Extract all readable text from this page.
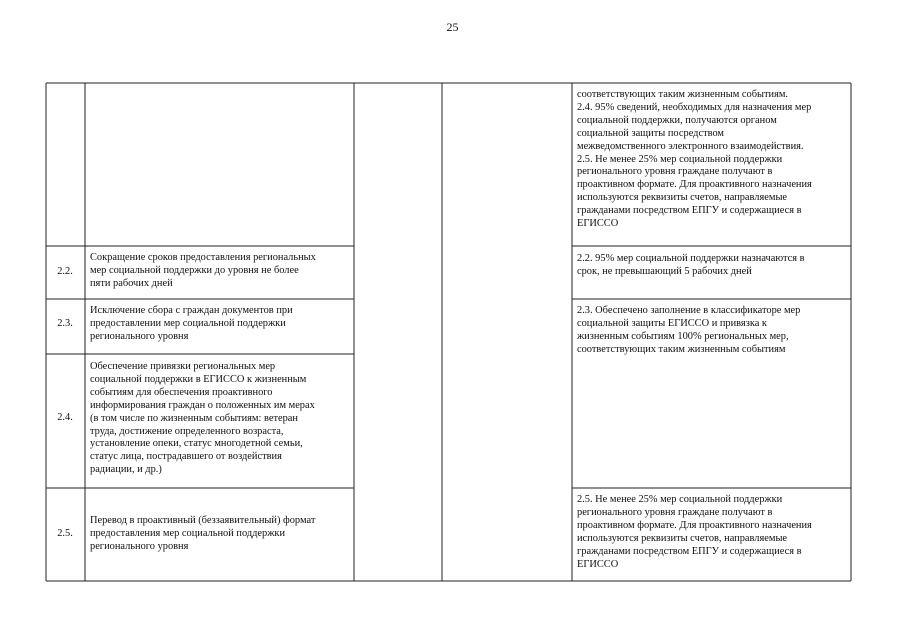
25
соответствующих таким жизненным событиям.
2.4. 95% сведений, необходимых для назначения мер
социальной поддержки, получаются органом
социальной защиты посредством
межведомственного электронного взаимодействия.
2.5. Не менее 25% мер социальной поддержки
регионального уровня граждане получают в
проактивном формате. Для проактивного назначения
используются реквизиты счетов, направляемые
гражданами посредством ЕПГУ и содержащиеся в
ЕГИССО
2.2.
Сокращение сроков предоставления региональных
мер социальной поддержки до уровня не более
пяти рабочих дней
2.2. 95% мер социальной поддержки назначаются в
срок, не превышающий 5 рабочих дней
2.3.
Исключение сбора с граждан документов при
предоставлении мер социальной поддержки
регионального уровня
2.3. Обеспечено заполнение в классификаторе мер
социальной защиты ЕГИССО и привязка к
жизненным событиям 100% региональных мер,
соответствующих таким жизненным событиям
2.4.
Обеспечение привязки региональных мер
социальной поддержки в ЕГИССО к жизненным
событиям для обеспечения проактивного
информирования граждан о положенных им мерах
(в том числе по жизненным событиям: ветеран
труда, достижение определенного возраста,
установление опеки, статус многодетной семьи,
статус лица, пострадавшего от воздействия
радиации, и др.)
2.5.
Перевод в проактивный (беззаявительный) формат
предоставления мер социальной поддержки
регионального уровня
2.5. Не менее 25% мер социальной поддержки
регионального уровня граждане получают в
проактивном формате. Для проактивного назначения
используются реквизиты счетов, направляемые
гражданами посредством ЕПГУ и содержащиеся в
ЕГИССО
